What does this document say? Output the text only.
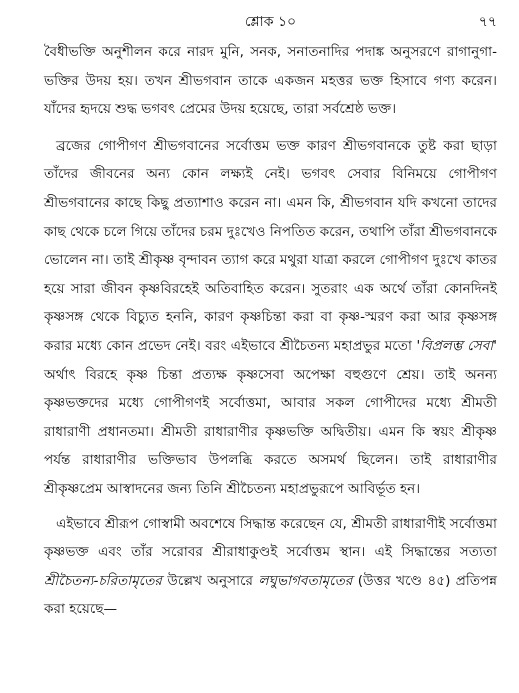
শ্লোক ১০	৭৭

বৈধীভক্তি অনুশীলন করে নারদ মুনি, সনক, সনাতনাদির পদাঙ্ক অনুসরণে রাগানুগা-ভক্তির উদয় হয়। তখন শ্রীভগবান তাকে একজন মহত্তর ভক্ত হিসাবে গণ্য করেন। যাঁদের হৃদয়ে শুদ্ধ ভগবৎ প্রেমের উদয় হয়েছে, তারা সর্বশ্রেষ্ঠ ভক্ত।

ব্রজের গোপীগণ শ্রীভগবানের সর্বোত্তম ভক্ত কারণ শ্রীভগবানকে তুষ্ট করা ছাড়া তাঁদের জীবনের অন্য কোন লক্ষ্যই নেই। ভগবৎ সেবার বিনিময়ে গোপীগণ শ্রীভগবানের কাছে কিছু প্রত্যাশাও করেন না। এমন কি, শ্রীভগবান যদি কখনো তাদের কাছ থেকে চলে গিয়ে তাঁদের চরম দুঃখেও নিপতিত করেন, তথাপি তাঁরা শ্রীভগবানকে ভোলেন না। তাই শ্রীকৃষ্ণ বৃন্দাবন ত্যাগ করে মথুরা যাত্রা করলে গোপীগণ দুঃখে কাতর হয়ে সারা জীবন কৃষ্ণবিরহেই অতিবাহিত করেন। সুতরাং এক অর্থে তাঁরা কোনদিনই কৃষ্ণসঙ্গ থেকে বিচ্যুত হননি, কারণ কৃষ্ণচিন্তা করা বা কৃষ্ণ-স্মরণ করা আর কৃষ্ণসঙ্গ করার মধ্যে কোন প্রভেদ নেই। বরং এইভাবে শ্রীচৈতন্য মহাপ্রভুর মতো 'বিপ্রলম্ভ সেবা' অর্থাৎ বিরহে কৃষ্ণ চিন্তা প্রত্যক্ষ কৃষ্ণসেবা অপেক্ষা বহুগুণে শ্রেয়। তাই অনন্য কৃষ্ণভক্তদের মধ্যে গোপীগণই সর্বোত্তমা, আবার সকল গোপীদের মধ্যে শ্রীমতী রাধারাণী প্রধানতমা। শ্রীমতী রাধারাণীর কৃষ্ণভক্তি অদ্বিতীয়। এমন কি স্বয়ং শ্রীকৃষ্ণ পর্যন্ত রাধারাণীর ভক্তিভাব উপলব্ধি করতে অসমর্থ ছিলেন। তাই রাধারাণীর শ্রীকৃষ্ণপ্রেম আস্বাদনের জন্য তিনি শ্রীচৈতন্য মহাপ্রভুরূপে আবির্ভূত হন।

এইভাবে শ্রীরূপ গোস্বামী অবশেষে সিদ্ধান্ত করেছেন যে, শ্রীমতী রাধারাণীই সর্বোত্তমা কৃষ্ণভক্ত এবং তাঁর সরোবর শ্রীরাধাকুণ্ডই সর্বোত্তম স্থান। এই সিদ্ধান্তের সত্যতা শ্রীচৈতন্য-চরিতামৃতের উল্লেখ অনুসারে লঘুভাগবতামৃতের (উত্তর খণ্ডে ৪৫) প্রতিপন্ন করা হয়েছে—
